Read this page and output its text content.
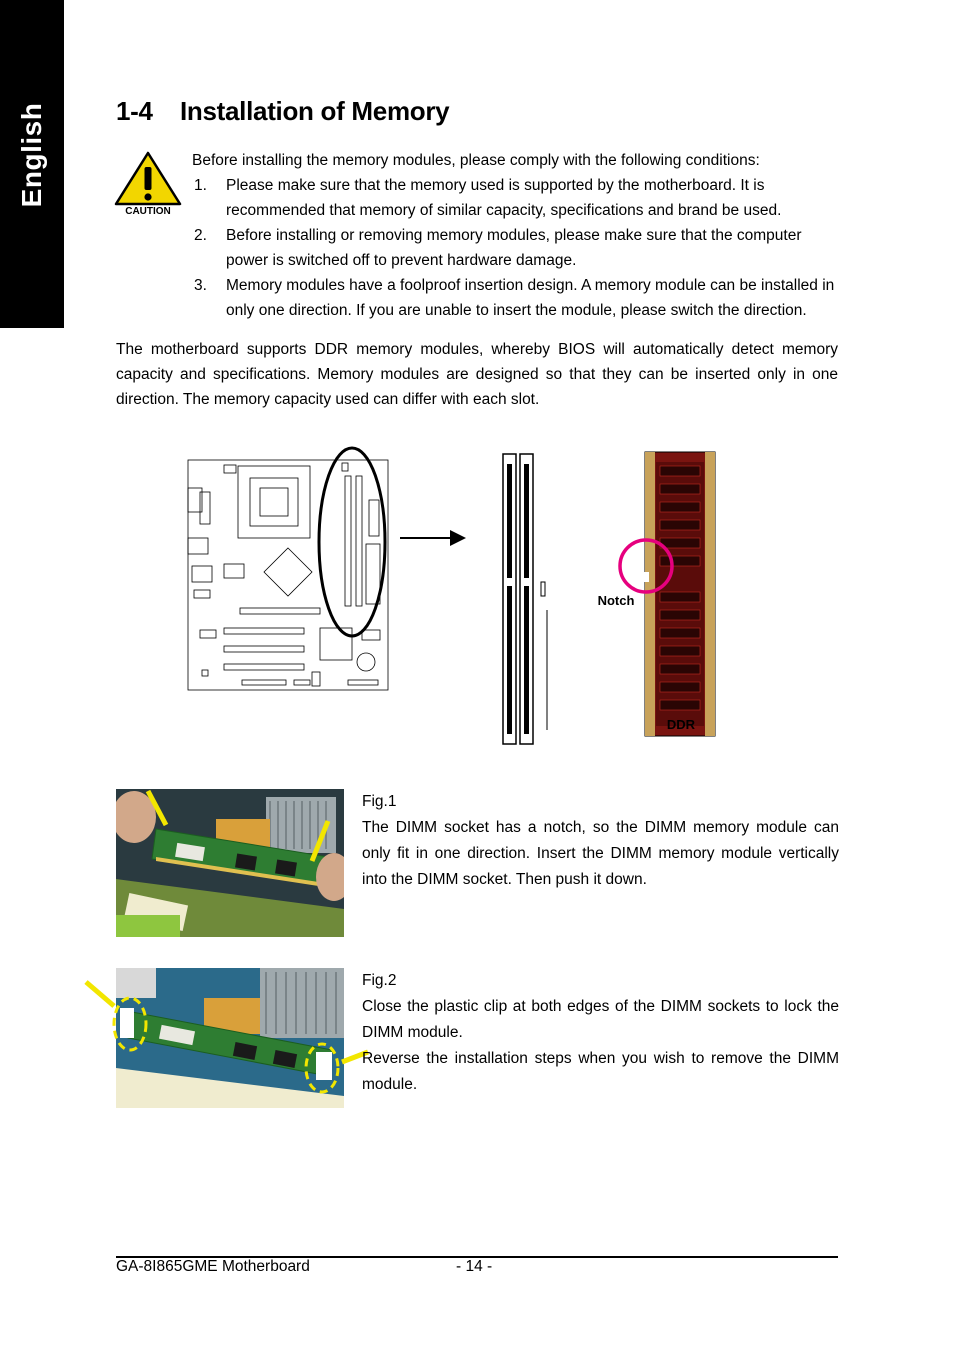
English	1-4 Installation of Memory
CAUTION

Before installing the memory modules, please comply with the following conditions:

1. Please make sure that the memory used is supported by the motherboard. It is recommended that memory of similar capacity, specifications and brand be used.
2. Before installing or removing memory modules, please make sure that the computer power is switched off to prevent hardware damage.
3. Memory modules have a foolproof insertion design. A memory module can be installed in only one direction. If you are unable to insert the module, please switch the direction.

The motherboard supports DDR memory modules, whereby BIOS will automatically detect memory capacity and specifications. Memory modules are designed so that they can be inserted only in one direction. The memory capacity used can differ with each slot.

Notch
DDR

Fig.1

The DIMM socket has a notch, so the DIMM memory module can only fit in one direction. Insert the DIMM memory module vertically into the DIMM socket. Then push it down.

Fig.2

Close the plastic clip at both edges of the DIMM sockets to lock the DIMM module.

Reverse the installation steps when you wish to remove the DIMM module.

GA-8I865GME Motherboard	- 14 -
